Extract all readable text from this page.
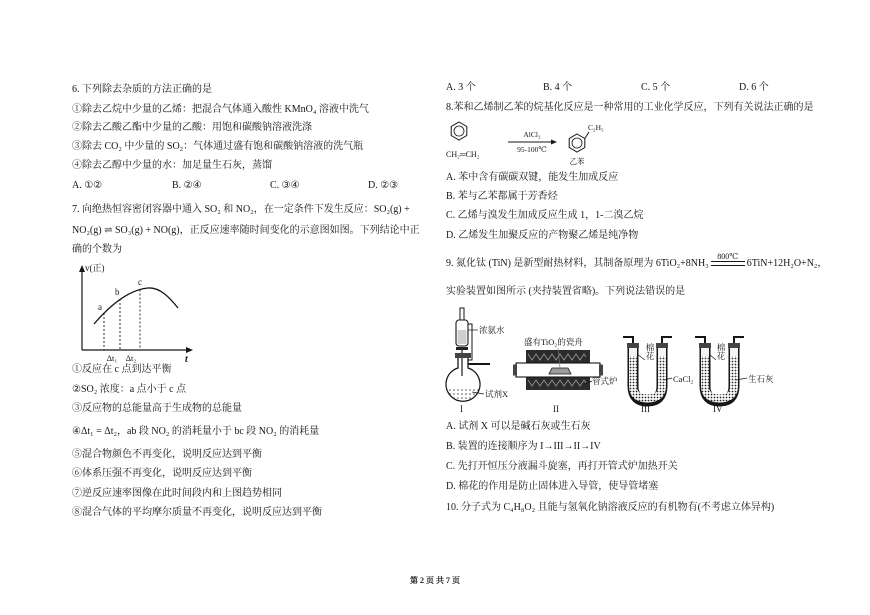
6. 下列除去杂质的方法正确的是
①除去乙烷中少量的乙烯：把混合气体通入酸性 KMnO₄ 溶液中洗气
②除去乙酸乙酯中少量的乙酸：用饱和碳酸钠溶液洗涤
③除去 CO₂ 中少量的 SO₂：气体通过盛有饱和碳酸钠溶液的洗气瓶
④除去乙醇中少量的水：加足量生石灰，蒸馏
A. ①②	B. ②④	C. ③④	D. ②③
7. 向绝热恒容密闭容器中通入 SO₂ 和 NO₂，在一定条件下发生反应：SO₂(g) +
NO₂(g) ⇌ SO₃(g) + NO(g)，正反应速率随时间变化的示意图如图。下列结论中正
确的个数为
v(正)
t
a
b
c
Δt₁ Δt₂
①反应在 c 点到达平衡
②SO₂ 浓度：a 点小于 c 点
③反应物的总能量高于生成物的总能量
④Δt₁ = Δt₂，ab 段 NO₂ 的消耗量小于 bc 段 NO₂ 的消耗量
⑤混合物颜色不再变化，说明反应达到平衡
⑥体系压强不再变化，说明反应达到平衡
⑦逆反应速率图像在此时间段内和上图趋势相同
⑧混合气体的平均摩尔质量不再变化，说明反应达到平衡
A. 3 个	B. 4 个	C. 5 个	D. 6 个
8.苯和乙烯制乙苯的烷基化反应是一种常用的工业化学反应，下列有关说法正确的是
CH₂═CH₂
AlCl₃
95-100℃
C₂H₅
乙苯
A. 苯中含有碳碳双键，能发生加成反应
B. 苯与乙苯都属于芳香烃
C. 乙烯与溴发生加成反应生成 1，1-二溴乙烷
D. 乙烯发生加聚反应的产物聚乙烯是纯净物
9. 氮化钛 (TiN) 是新型耐热材料，其制备原理为 6TiO₂+8NH₃
800℃
6TiN+12H₂O+N₂，
实验装置如图所示 (夹持装置省略)。下列说法错误的是
浓氨水
试剂X
I
盛有TiO₂的瓷舟
管式炉
II
棉花
CaCl₂
III
棉花
生石灰
IV
A. 试剂 X 可以是碱石灰或生石灰
B. 装置的连接顺序为 I→III→II→IV
C. 先打开恒压分液漏斗旋塞，再打开管式炉加热开关
D. 棉花的作用是防止固体进入导管，使导管堵塞
10. 分子式为 C₄H₈O₂ 且能与氢氧化钠溶液反应的有机物有(不考虑立体异构)
第 2 页 共 7 页
